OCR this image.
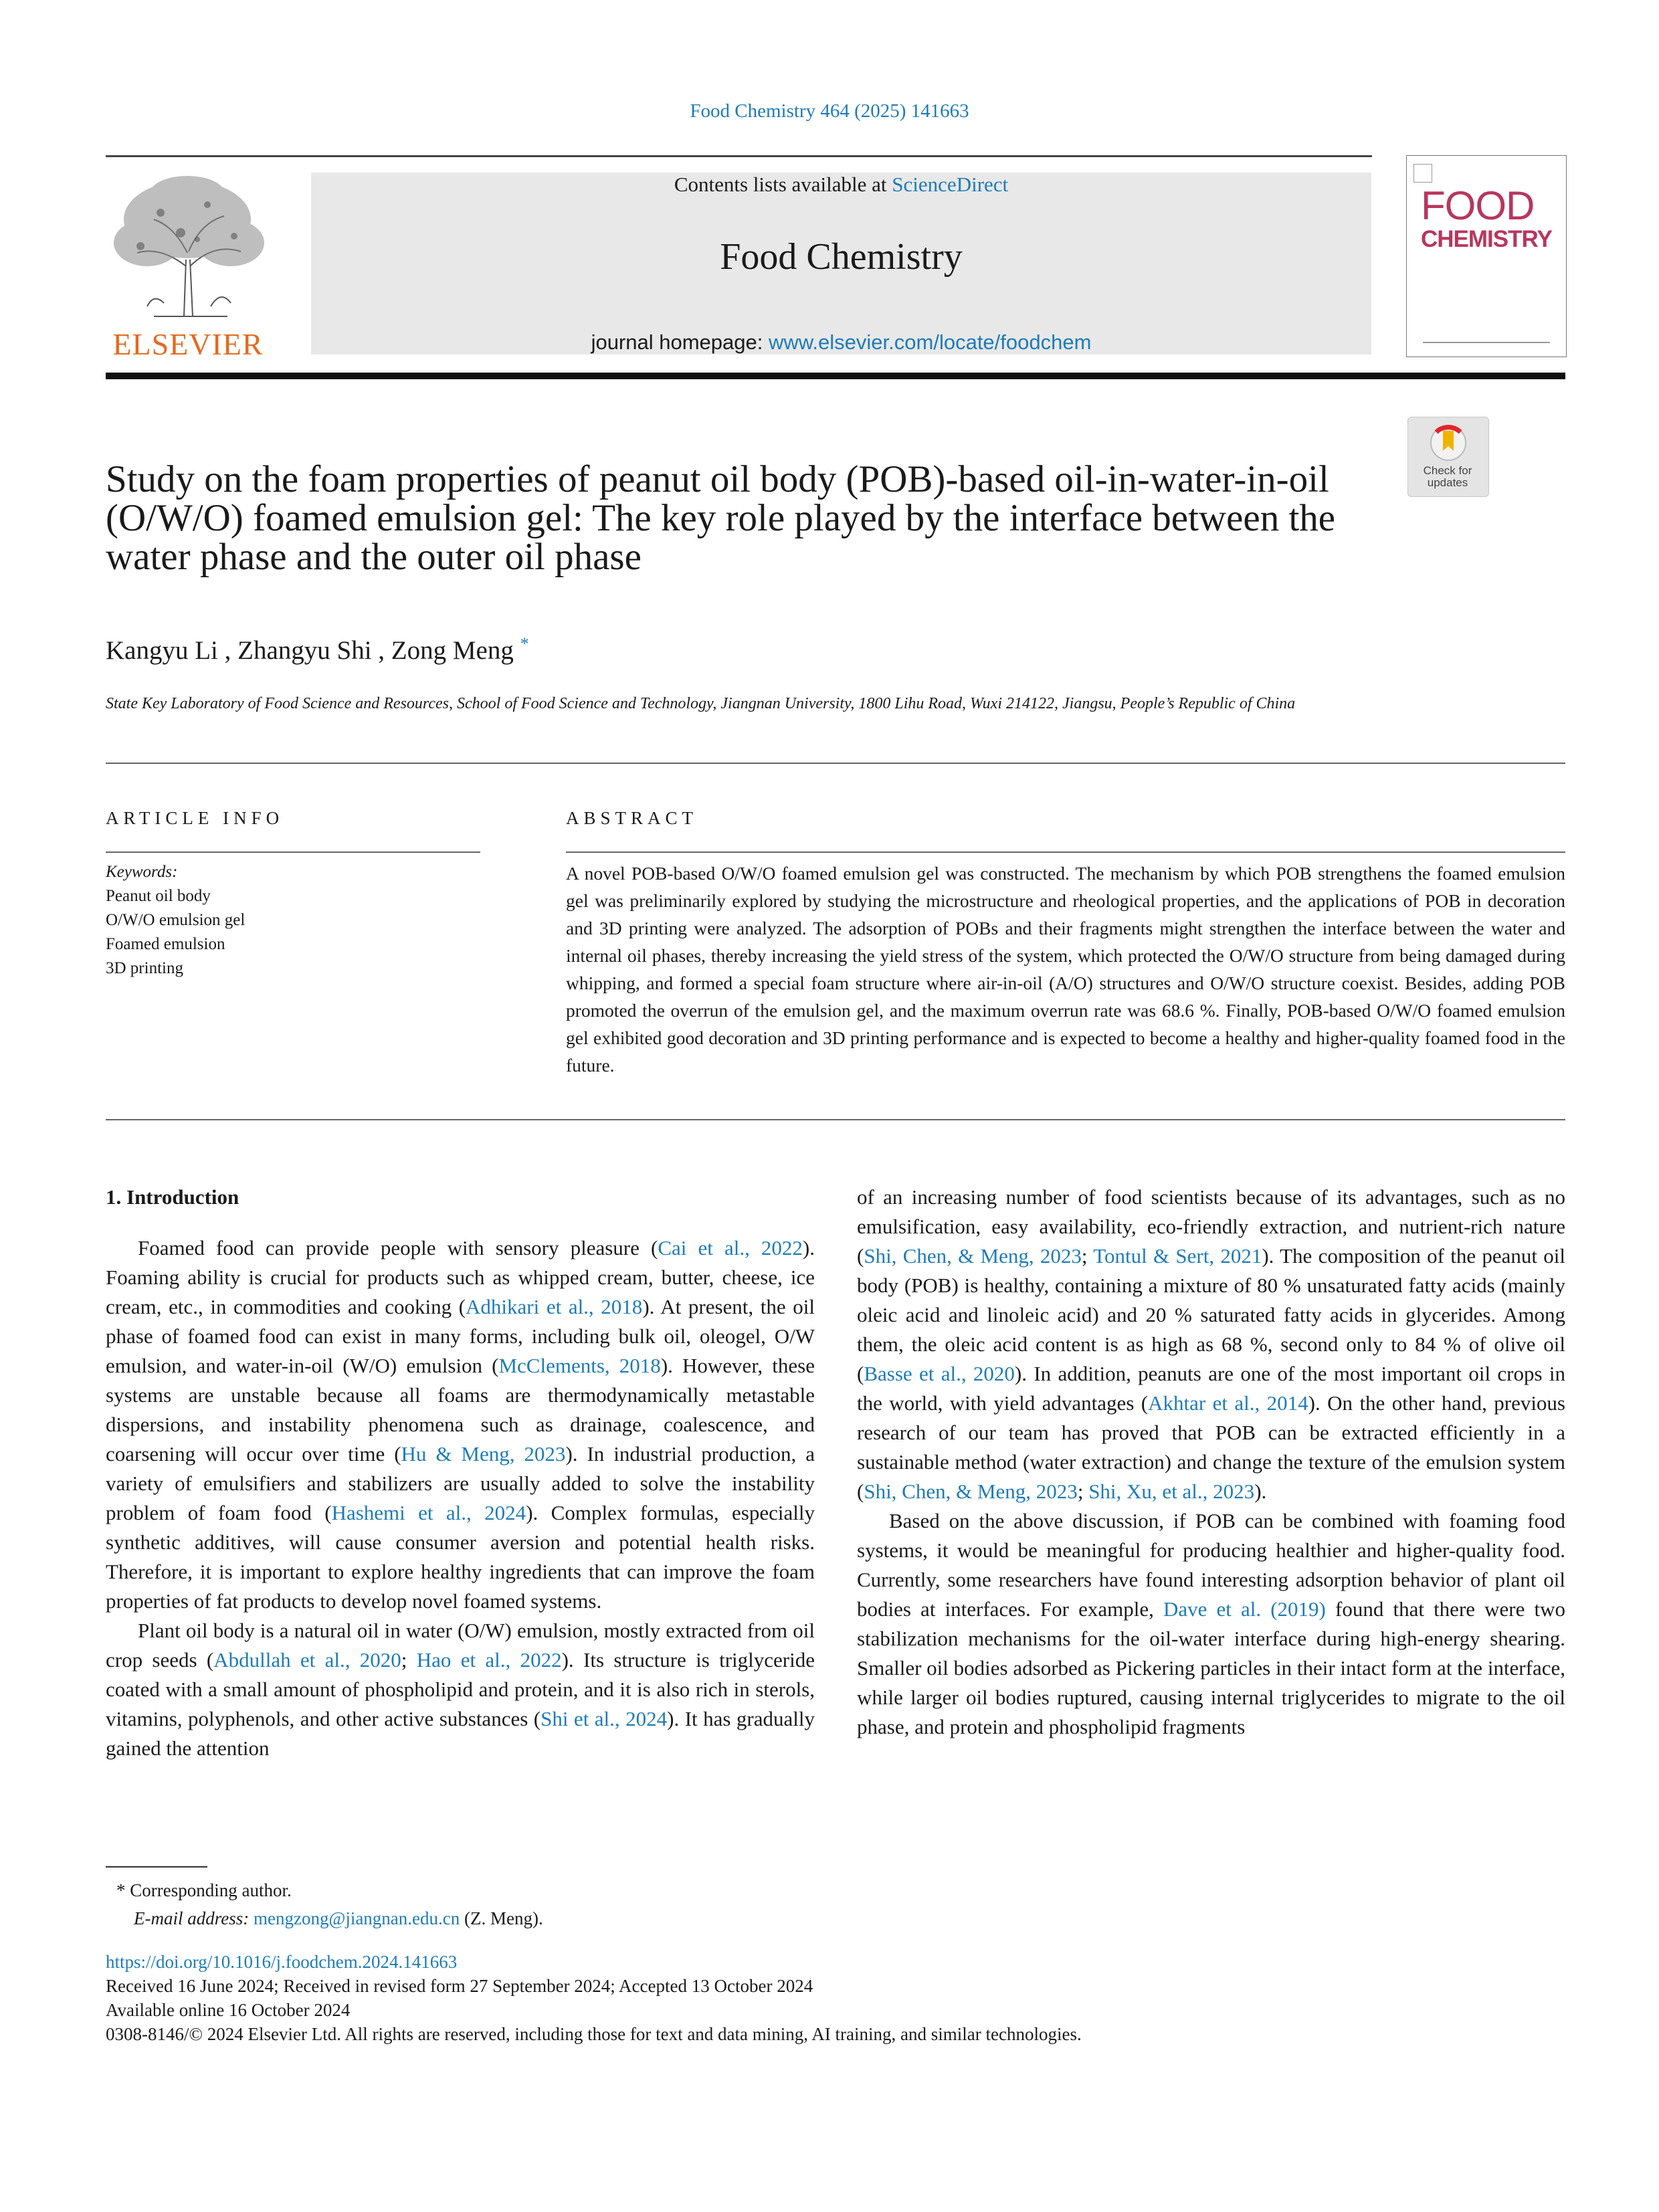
Food Chemistry 464 (2025) 141663
ELSEVIER
Contents lists available at ScienceDirect
Food Chemistry
journal homepage: www.elsevier.com/locate/foodchem
FOOD
CHEMISTRY
Check for updates
Study on the foam properties of peanut oil body (POB)-based oil-in-water-in-oil (O/W/O) foamed emulsion gel: The key role played by the interface between the water phase and the outer oil phase
Kangyu Li , Zhangyu Shi , Zong Meng *
State Key Laboratory of Food Science and Resources, School of Food Science and Technology, Jiangnan University, 1800 Lihu Road, Wuxi 214122, Jiangsu, People’s Republic of China
ARTICLE INFO
Keywords:
Peanut oil body
O/W/O emulsion gel
Foamed emulsion
3D printing
ABSTRACT
A novel POB-based O/W/O foamed emulsion gel was constructed. The mechanism by which POB strengthens the foamed emulsion gel was preliminarily explored by studying the microstructure and rheological properties, and the applications of POB in decoration and 3D printing were analyzed. The adsorption of POBs and their fragments might strengthen the interface between the water and internal oil phases, thereby increasing the yield stress of the system, which protected the O/W/O structure from being damaged during whipping, and formed a special foam structure where air-in-oil (A/O) structures and O/W/O structure coexist. Besides, adding POB promoted the overrun of the emulsion gel, and the maximum overrun rate was 68.6 %. Finally, POB-based O/W/O foamed emulsion gel exhibited good decoration and 3D printing performance and is expected to become a healthy and higher-quality foamed food in the future.

1. Introduction

Foamed food can provide people with sensory pleasure (Cai et al., 2022). Foaming ability is crucial for products such as whipped cream, butter, cheese, ice cream, etc., in commodities and cooking (Adhikari et al., 2018). At present, the oil phase of foamed food can exist in many forms, including bulk oil, oleogel, O/W emulsion, and water-in-oil (W/O) emulsion (McClements, 2018). However, these systems are unstable because all foams are thermodynamically metastable dispersions, and instability phenomena such as drainage, coalescence, and coarsening will occur over time (Hu & Meng, 2023). In industrial production, a variety of emulsifiers and stabilizers are usually added to solve the instability problem of foam food (Hashemi et al., 2024). Complex formulas, especially synthetic additives, will cause consumer aversion and potential health risks. Therefore, it is important to explore healthy ingredients that can improve the foam properties of fat products to develop novel foamed systems.

Plant oil body is a natural oil in water (O/W) emulsion, mostly extracted from oil crop seeds (Abdullah et al., 2020; Hao et al., 2022). Its structure is triglyceride coated with a small amount of phospholipid and protein, and it is also rich in sterols, vitamins, polyphenols, and other active substances (Shi et al., 2024). It has gradually gained the attention

of an increasing number of food scientists because of its advantages, such as no emulsification, easy availability, eco-friendly extraction, and nutrient-rich nature (Shi, Chen, & Meng, 2023; Tontul & Sert, 2021). The composition of the peanut oil body (POB) is healthy, containing a mixture of 80 % unsaturated fatty acids (mainly oleic acid and linoleic acid) and 20 % saturated fatty acids in glycerides. Among them, the oleic acid content is as high as 68 %, second only to 84 % of olive oil (Basse et al., 2020). In addition, peanuts are one of the most important oil crops in the world, with yield advantages (Akhtar et al., 2014). On the other hand, previous research of our team has proved that POB can be extracted efficiently in a sustainable method (water extraction) and change the texture of the emulsion system (Shi, Chen, & Meng, 2023; Shi, Xu, et al., 2023).

Based on the above discussion, if POB can be combined with foaming food systems, it would be meaningful for producing healthier and higher-quality food. Currently, some researchers have found interesting adsorption behavior of plant oil bodies at interfaces. For example, Dave et al. (2019) found that there were two stabilization mechanisms for the oil-water interface during high-energy shearing. Smaller oil bodies adsorbed as Pickering particles in their intact form at the interface, while larger oil bodies ruptured, causing internal triglycerides to migrate to the oil phase, and protein and phospholipid fragments

* Corresponding author.
E-mail address: mengzong@jiangnan.edu.cn (Z. Meng).
https://doi.org/10.1016/j.foodchem.2024.141663
Received 16 June 2024; Received in revised form 27 September 2024; Accepted 13 October 2024
Available online 16 October 2024
0308-8146/© 2024 Elsevier Ltd. All rights are reserved, including those for text and data mining, AI training, and similar technologies.
